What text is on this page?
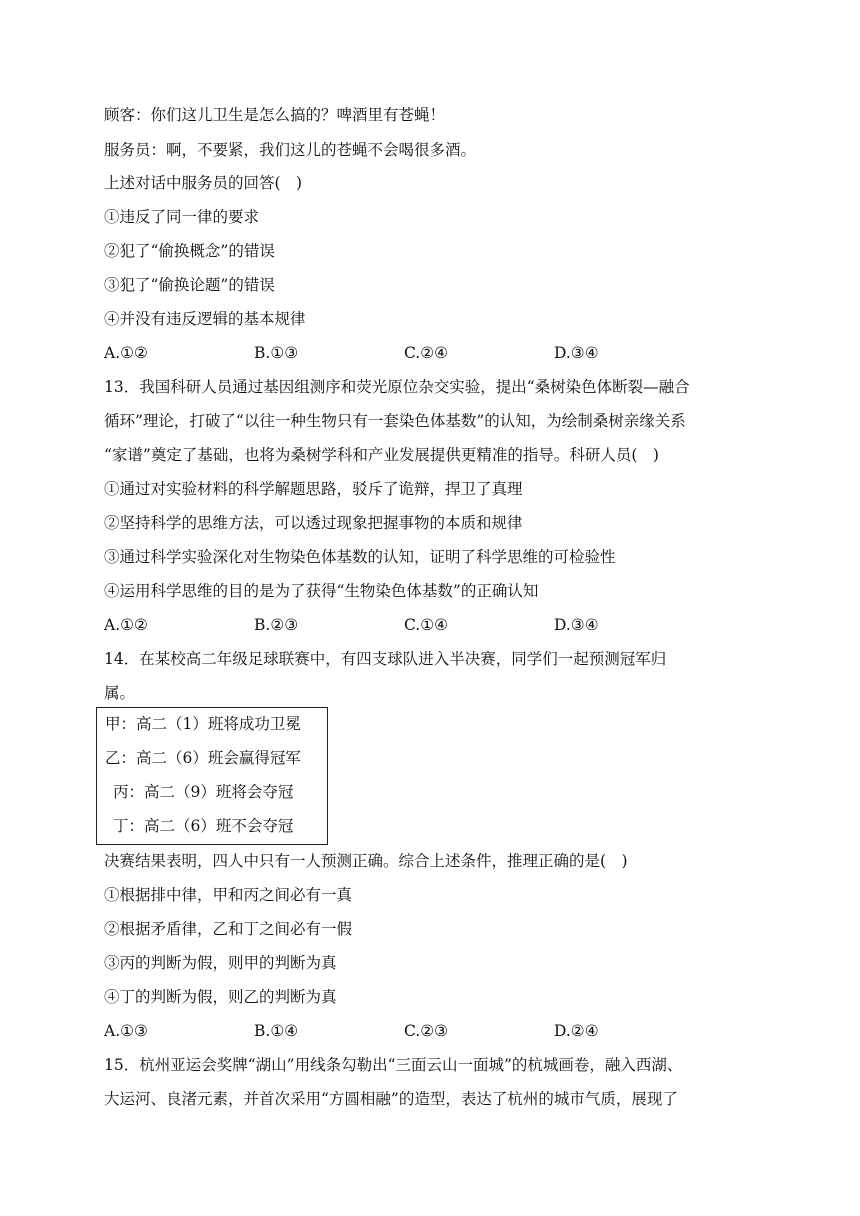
顾客：你们这儿卫生是怎么搞的？啤酒里有苍蝇！
服务员：啊，不要紧，我们这儿的苍蝇不会喝很多酒。
上述对话中服务员的回答(　)
①违反了同一律的要求
②犯了“偷换概念”的错误
③犯了“偷换论题”的错误
④并没有违反逻辑的基本规律
A.①②	B.①③	C.②④	D.③④
13．我国科研人员通过基因组测序和荧光原位杂交实验，提出“桑树染色体断裂—融合
循环”理论，打破了“以往一种生物只有一套染色体基数”的认知，为绘制桑树亲缘关系
“家谱”奠定了基础，也将为桑树学科和产业发展提供更精准的指导。科研人员(　)
①通过对实验材料的科学解题思路，驳斥了诡辩，捍卫了真理
②坚持科学的思维方法，可以透过现象把握事物的本质和规律
③通过科学实验深化对生物染色体基数的认知，证明了科学思维的可检验性
④运用科学思维的目的是为了获得“生物染色体基数”的正确认知
A.①②	B.②③	C.①④	D.③④
14．在某校高二年级足球联赛中，有四支球队进入半决赛，同学们一起预测冠军归
属。
甲：高二（1）班将成功卫冕
乙：高二（6）班会赢得冠军
丙：高二（9）班将会夺冠
丁：高二（6）班不会夺冠
决赛结果表明，四人中只有一人预测正确。综合上述条件，推理正确的是(　)
①根据排中律，甲和丙之间必有一真
②根据矛盾律，乙和丁之间必有一假
③丙的判断为假，则甲的判断为真
④丁的判断为假，则乙的判断为真
A.①③	B.①④	C.②③	D.②④
15．杭州亚运会奖牌“湖山”用线条勾勒出“三面云山一面城”的杭城画卷，融入西湖、
大运河、良渚元素，并首次采用“方圆相融”的造型，表达了杭州的城市气质，展现了
